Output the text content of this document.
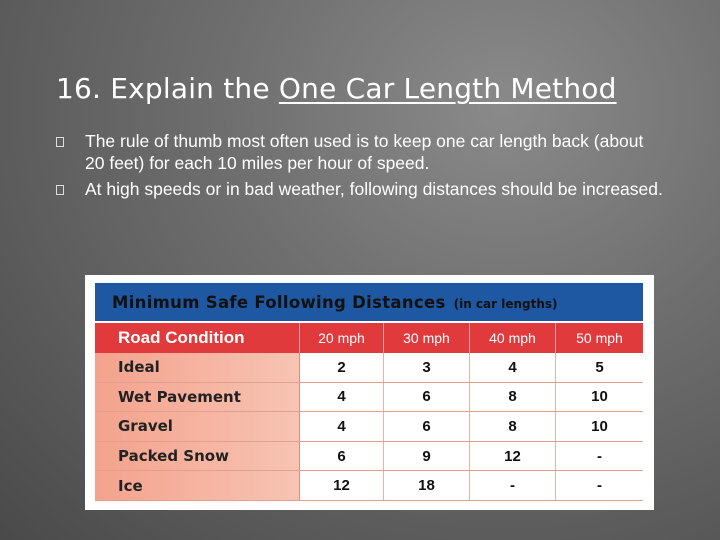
16. Explain the One Car Length Method
The rule of thumb most often used is to keep one car length back (about 20 feet) for each 10 miles per hour of speed.
At high speeds or in bad weather, following distances should be increased.
Minimum Safe Following Distances (in car lengths)
Road Condition	20 mph	30 mph	40 mph	50 mph
Ideal	2	3	4	5
Wet Pavement	4	6	8	10
Gravel	4	6	8	10
Packed Snow	6	9	12	-
Ice	12	18	-	-
